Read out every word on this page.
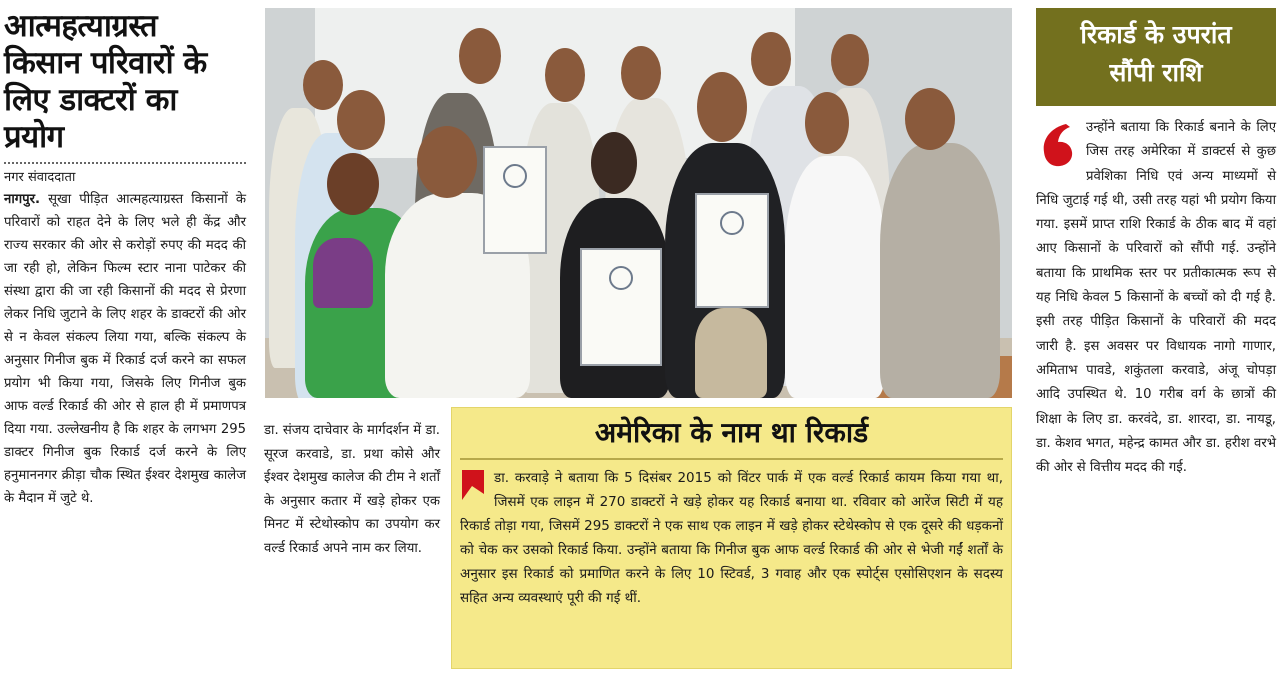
आत्महत्याग्रस्त
किसान परिवारों के
लिए डाक्टरों का प्रयोग
नगर संवाददाता

नागपुर. सूखा पीड़ित आत्महत्याग्रस्त किसानों के परिवारों को राहत देने के लिए भले ही केंद्र और राज्य सरकार की ओर से करोड़ों रुपए की मदद की जा रही हो, लेकिन फिल्म स्टार नाना पाटेकर की संस्था द्वारा की जा रही किसानों की मदद से प्रेरणा लेकर निधि जुटाने के लिए शहर के डाक्टरों की ओर से न केवल संकल्प लिया गया, बल्कि संकल्प के अनुसार गिनीज बुक में रिकार्ड दर्ज करने का सफल प्रयोग भी किया गया, जिसके लिए गिनीज बुक आफ वर्ल्ड रिकार्ड की ओर से हाल ही में प्रमाणपत्र दिया गया. उल्लेखनीय है कि शहर के लगभग 295 डाक्टर गिनीज बुक रिकार्ड दर्ज करने के लिए हनुमाननगर क्रीड़ा चौक स्थित ईश्वर देशमुख कालेज के मैदान में जुटे थे.

डा. संजय दाचेवार के मार्गदर्शन में डा. सूरज करवाडे, डा. प्रथा कोसे और ईश्वर देशमुख कालेज की टीम ने शर्तों के अनुसार कतार में खड़े होकर एक मिनट में स्टेथोस्कोप का उपयोग कर वर्ल्ड रिकार्ड अपने नाम कर लिया.

अमेरिका के नाम था रिकार्ड

डा. करवाड़े ने बताया कि 5 दिसंबर 2015 को विंटर पार्क में एक वर्ल्ड रिकार्ड कायम किया गया था, जिसमें एक लाइन में 270 डाक्टरों ने खड़े होकर यह रिकार्ड बनाया था. रविवार को आरेंज सिटी में यह रिकार्ड तोड़ा गया, जिसमें 295 डाक्टरों ने एक साथ एक लाइन में खड़े होकर स्टेथेस्कोप से एक दूसरे की धड़कनों को चेक कर उसको रिकार्ड किया. उन्होंने बताया कि गिनीज बुक आफ वर्ल्ड रिकार्ड की ओर से भेजी गईं शर्तों के अनुसार इस रिकार्ड को प्रमाणित करने के लिए 10 स्टिवर्ड, 3 गवाह और एक स्पोर्ट्स एसोसिएशन के सदस्य सहित अन्य व्यवस्थाएं पूरी की गई थीं.

रिकार्ड के उपरांत
सौंपी राशि

उन्होंने बताया कि रिकार्ड बनाने के लिए जिस तरह अमेरिका में डाक्टर्स से कुछ प्रवेशिका निधि एवं अन्य माध्यमों से निधि जुटाई गई थी, उसी तरह यहां भी प्रयोग किया गया. इसमें प्राप्त राशि रिकार्ड के ठीक बाद में वहां आए किसानों के परिवारों को सौंपी गई. उन्होंने बताया कि प्राथमिक स्तर पर प्रतीकात्मक रूप से यह निधि केवल 5 किसानों के बच्चों को दी गई है. इसी तरह पीड़ित किसानों के परिवारों की मदद जारी है. इस अवसर पर विधायक नागो गाणार, अमिताभ पावडे, शकुंतला करवाडे, अंजू चोपड़ा आदि उपस्थित थे. 10 गरीब वर्ग के छात्रों की शिक्षा के लिए डा. करवंदे, डा. शारदा, डा. नायडू, डा. केशव भगत, महेन्द्र कामत और डा. हरीश वरभे की ओर से वित्तीय मदद की गई.
